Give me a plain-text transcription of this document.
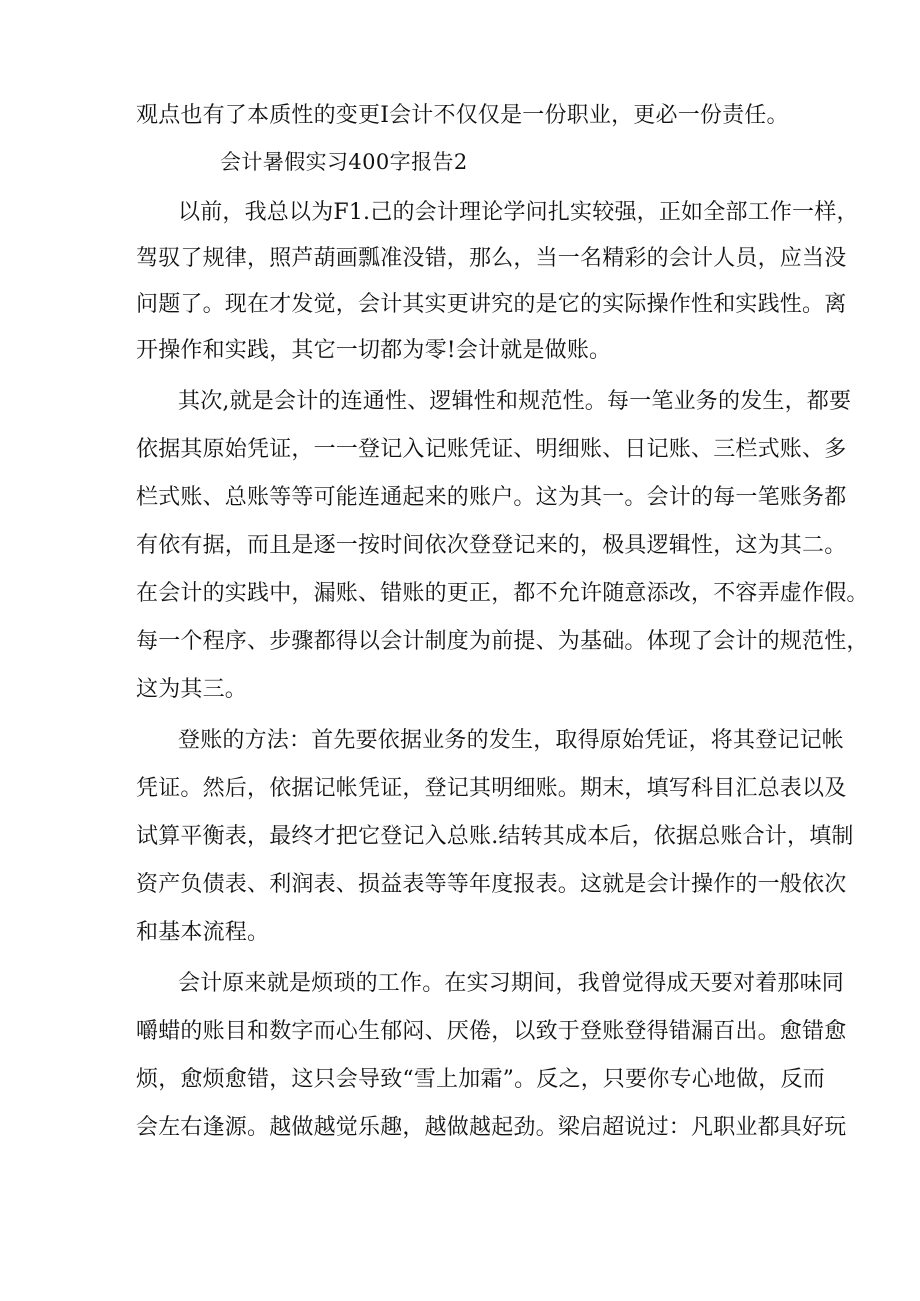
观点也有了本质性的变更I会计不仅仅是一份职业，更必一份责任。
会计暑假实习400字报告2
以前，我总以为F1.己的会计理论学问扎实较强，正如全部工作一样，
驾驭了规律，照芦葫画瓢准没错，那么，当一名精彩的会计人员，应当没
问题了。现在才发觉，会计其实更讲究的是它的实际操作性和实践性。离
开操作和实践，其它一切都为零!会计就是做账。
其次,就是会计的连通性、逻辑性和规范性。每一笔业务的发生，都要
依据其原始凭证，一一登记入记账凭证、明细账、日记账、三栏式账、多
栏式账、总账等等可能连通起来的账户。这为其一。会计的每一笔账务都
有依有据，而且是逐一按时间依次登登记来的，极具逻辑性，这为其二。
在会计的实践中，漏账、错账的更正，都不允许随意添改，不容弄虚作假。
每一个程序、步骤都得以会计制度为前提、为基础。体现了会计的规范性，
这为其三。
登账的方法：首先要依据业务的发生，取得原始凭证，将其登记记帐
凭证。然后，依据记帐凭证，登记其明细账。期末，填写科目汇总表以及
试算平衡表，最终才把它登记入总账.结转其成本后，依据总账合计，填制
资产负债表、利润表、损益表等等年度报表。这就是会计操作的一般依次
和基本流程。
会计原来就是烦琐的工作。在实习期间，我曾觉得成天要对着那味同
嚼蜡的账目和数字而心生郁闷、厌倦，以致于登账登得错漏百出。愈错愈
烦，愈烦愈错，这只会导致“雪上加霜”。反之，只要你专心地做，反而
会左右逢源。越做越觉乐趣，越做越起劲。梁启超说过：凡职业都具好玩
